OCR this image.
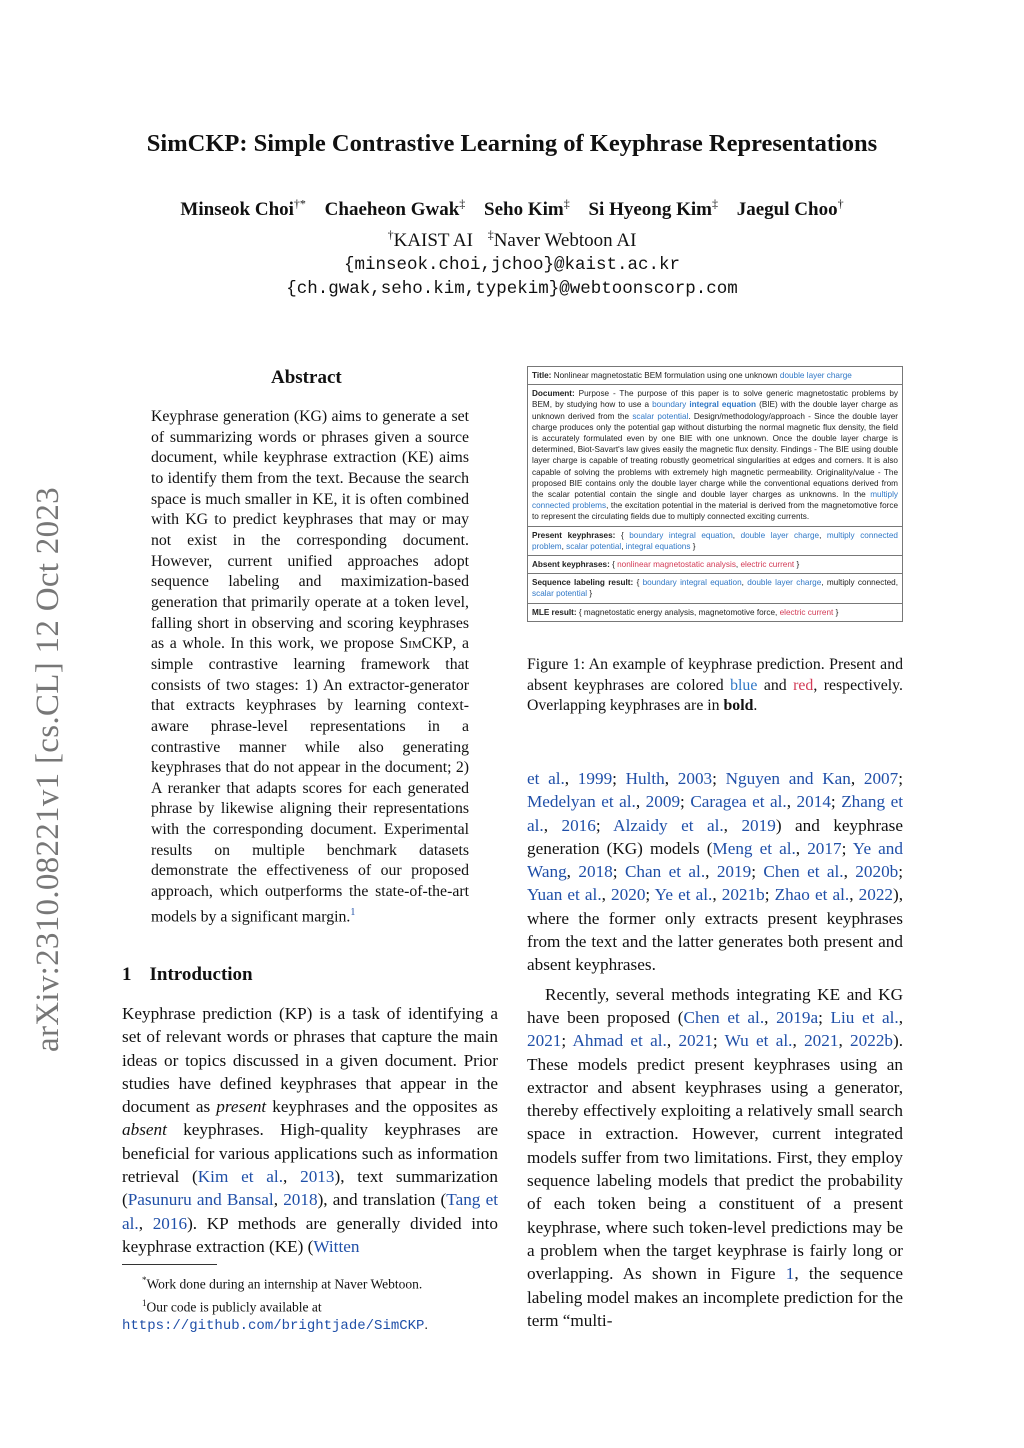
arXiv:2310.08221v1 [cs.CL] 12 Oct 2023
SimCKP: Simple Contrastive Learning of Keyphrase Representations
Minseok Choi†* Chaeheon Gwak‡ Seho Kim‡ Si Hyeong Kim‡ Jaegul Choo†
†KAIST AI ‡Naver Webtoon AI
{minseok.choi,jchoo}@kaist.ac.kr
{ch.gwak,seho.kim,typekim}@webtoonscorp.com
Abstract
Keyphrase generation (KG) aims to generate a set of summarizing words or phrases given a source document, while keyphrase extraction (KE) aims to identify them from the text. Because the search space is much smaller in KE, it is often combined with KG to predict keyphrases that may or may not exist in the corresponding document. However, current unified approaches adopt sequence labeling and maximization-based generation that primarily operate at a token level, falling short in observing and scoring keyphrases as a whole. In this work, we propose SimCKP, a simple contrastive learning framework that consists of two stages: 1) An extractor-generator that extracts keyphrases by learning context-aware phrase-level representations in a contrastive manner while also generating keyphrases that do not appear in the document; 2) A reranker that adapts scores for each generated phrase by likewise aligning their representations with the corresponding document. Experimental results on multiple benchmark datasets demonstrate the effectiveness of our proposed approach, which outperforms the state-of-the-art models by a significant margin.$^1$
1 Introduction

Keyphrase prediction (KP) is a task of identifying a set of relevant words or phrases that capture the main ideas or topics discussed in a given document. Prior studies have defined keyphrases that appear in the document as present keyphrases and the opposites as absent keyphrases. High-quality keyphrases are beneficial for various applications such as information retrieval (Kim et al., 2013), text summarization (Pasunuru and Bansal, 2018), and translation (Tang et al., 2016). KP methods are generally divided into keyphrase extraction (KE) (Witten

*Work done during an internship at Naver Webtoon.

$^1$Our code is publicly available at https://github.com/brightjade/SimCKP.

Title: Nonlinear magnetostatic BEM formulation using one unknown double layer charge
Document: Purpose - The purpose of this paper is to solve generic magnetostatic problems by BEM, by studying how to use a boundary integral equation (BIE) with the double layer charge as unknown derived from the scalar potential. Design/methodology/approach - Since the double layer charge produces only the potential gap without disturbing the normal magnetic flux density, the field is accurately formulated even by one BIE with one unknown. Once the double layer charge is determined, Biot-Savart's law gives easily the magnetic flux density. Findings - The BIE using double layer charge is capable of treating robustly geometrical singularities at edges and corners. It is also capable of solving the problems with extremely high magnetic permeability. Originality/value - The proposed BIE contains only the double layer charge while the conventional equations derived from the scalar potential contain the single and double layer charges as unknowns. In the multiply connected problems, the excitation potential in the material is derived from the magnetomotive force to represent the circulating fields due to multiply connected exciting currents.
Present keyphrases: { boundary integral equation, double layer charge, multiply connected problem, scalar potential, integral equations }
Absent keyphrases: { nonlinear magnetostatic analysis, electric current }
Sequence labeling result: { boundary integral equation, double layer charge, multiply connected, scalar potential }
MLE result: { magnetostatic energy analysis, magnetomotive force, electric current }
Figure 1: An example of keyphrase prediction. Present and absent keyphrases are colored blue and red, respectively. Overlapping keyphrases are in bold.

et al., 1999; Hulth, 2003; Nguyen and Kan, 2007; Medelyan et al., 2009; Caragea et al., 2014; Zhang et al., 2016; Alzaidy et al., 2019) and keyphrase generation (KG) models (Meng et al., 2017; Ye and Wang, 2018; Chan et al., 2019; Chen et al., 2020b; Yuan et al., 2020; Ye et al., 2021b; Zhao et al., 2022), where the former only extracts present keyphrases from the text and the latter generates both present and absent keyphrases.

Recently, several methods integrating KE and KG have been proposed (Chen et al., 2019a; Liu et al., 2021; Ahmad et al., 2021; Wu et al., 2021, 2022b). These models predict present keyphrases using an extractor and absent keyphrases using a generator, thereby effectively exploiting a relatively small search space in extraction. However, current integrated models suffer from two limitations. First, they employ sequence labeling models that predict the probability of each token being a constituent of a present keyphrase, where such token-level predictions may be a problem when the target keyphrase is fairly long or overlapping. As shown in Figure 1, the sequence labeling model makes an incomplete prediction for the term “multi-
